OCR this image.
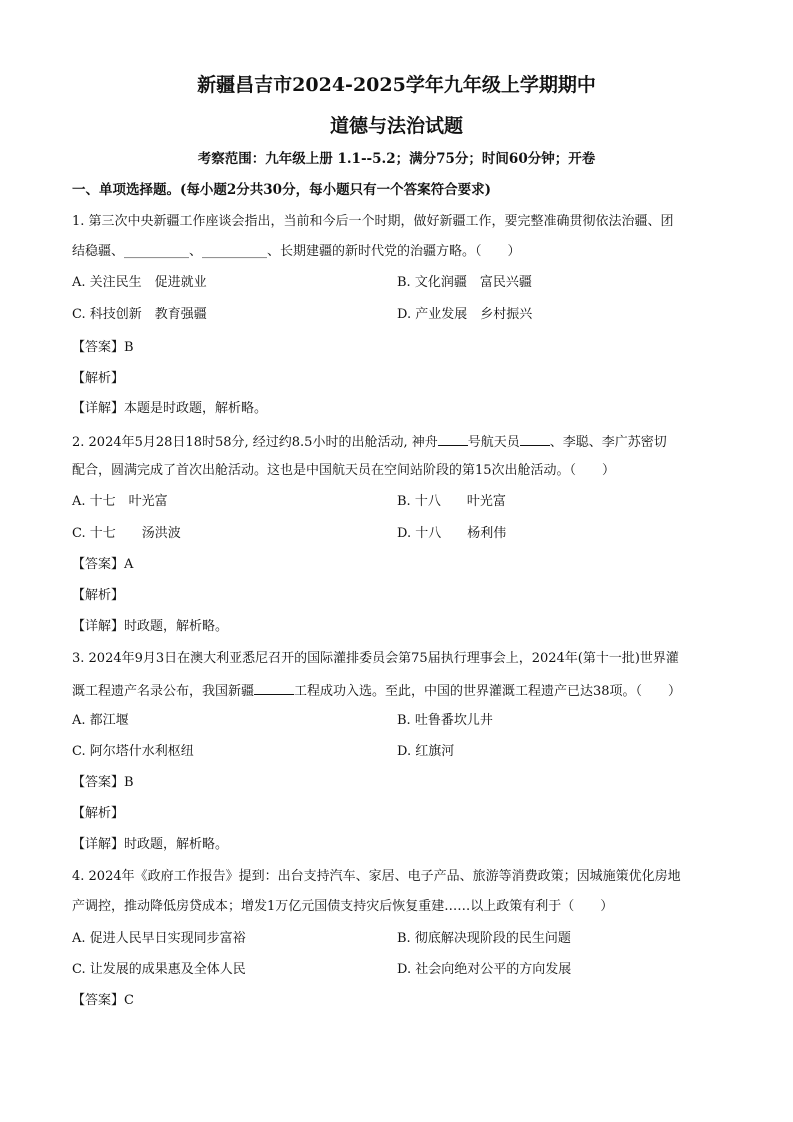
新疆昌吉市2024-2025学年九年级上学期期中
道德与法治试题
考察范围：九年级上册 1.1--5.2；满分75分；时间60分钟；开卷
一、单项选择题。(每小题2分共30分，每小题只有一个答案符合要求)
1. 第三次中央新疆工作座谈会指出，当前和今后一个时期，做好新疆工作，要完整准确贯彻依法治疆、团
结稳疆、__________、__________、长期建疆的新时代党的治疆方略。（　　）
A. 关注民生　促进就业	B. 文化润疆　富民兴疆
C. 科技创新　教育强疆	D. 产业发展　乡村振兴
【答案】B
【解析】
【详解】本题是时政题，解析略。
2. 2024年5月28日18时58分, 经过约8.5小时的出舱活动, 神舟 号航天员 、李聪、李广苏密切
配合，圆满完成了首次出舱活动。这也是中国航天员在空间站阶段的第15次出舱活动。（　　）
A. 十七　叶光富	B. 十八　　叶光富
C. 十七　　汤洪波	D. 十八　　杨利伟
【答案】A
【解析】
【详解】时政题，解析略。
3. 2024年9月3日在澳大利亚悉尼召开的国际灌排委员会第75届执行理事会上，2024年(第十一批)世界灌
溉工程遗产名录公布，我国新疆	工程成功入选。至此，中国的世界灌溉工程遗产已达38项。（　　）
A. 都江堰	B. 吐鲁番坎儿井
C. 阿尔塔什水利枢纽	D. 红旗河
【答案】B
【解析】
【详解】时政题，解析略。
4. 2024年《政府工作报告》提到：出台支持汽车、家居、电子产品、旅游等消费政策；因城施策优化房地
产调控，推动降低房贷成本；增发1万亿元国债支持灾后恢复重建……以上政策有利于（　　）
A. 促进人民早日实现同步富裕	B. 彻底解决现阶段的民生问题
C. 让发展的成果惠及全体人民	D. 社会向绝对公平的方向发展
【答案】C
